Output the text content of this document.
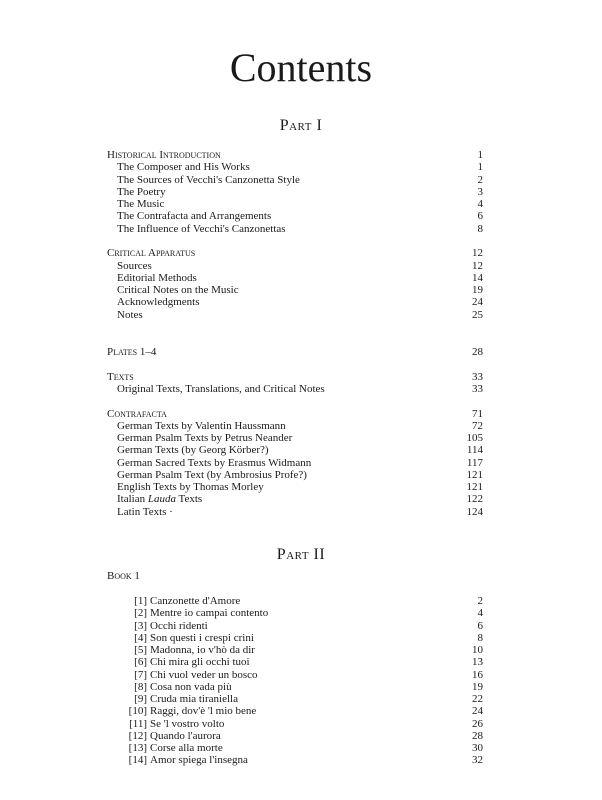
Contents
Part I
Historical Introduction	1
The Composer and His Works	1
The Sources of Vecchi's Canzonetta Style	2
The Poetry	3
The Music	4
The Contrafacta and Arrangements	6
The Influence of Vecchi's Canzonettas	8
Critical Apparatus	12
Sources	12
Editorial Methods	14
Critical Notes on the Music	19
Acknowledgments	24
Notes	25
Plates 1–4	28
Texts	33
Original Texts, Translations, and Critical Notes	33
Contrafacta	71
German Texts by Valentin Haussmann	72
German Psalm Texts by Petrus Neander	105
German Texts (by Georg Körber?)	114
German Sacred Texts by Erasmus Widmann	117
German Psalm Text (by Ambrosius Profe?)	121
English Texts by Thomas Morley	121
Italian Lauda Texts	122
Latin Texts ·	124
Part II
Book 1
[1] Canzonette d'Amore	2
[2] Mentre io campai contento	4
[3] Occhi ridenti	6
[4] Son questi i crespi crini	8
[5] Madonna, io v'hò da dir	10
[6] Chi mira gli occhi tuoi	13
[7] Chi vuol veder un bosco	16
[8] Cosa non vada più	19
[9] Cruda mia tiraniella	22
[10] Raggi, dov'è 'l mio bene	24
[11] Se 'l vostro volto	26
[12] Quando l'aurora	28
[13] Corse alla morte	30
[14] Amor spiega l'insegna	32
